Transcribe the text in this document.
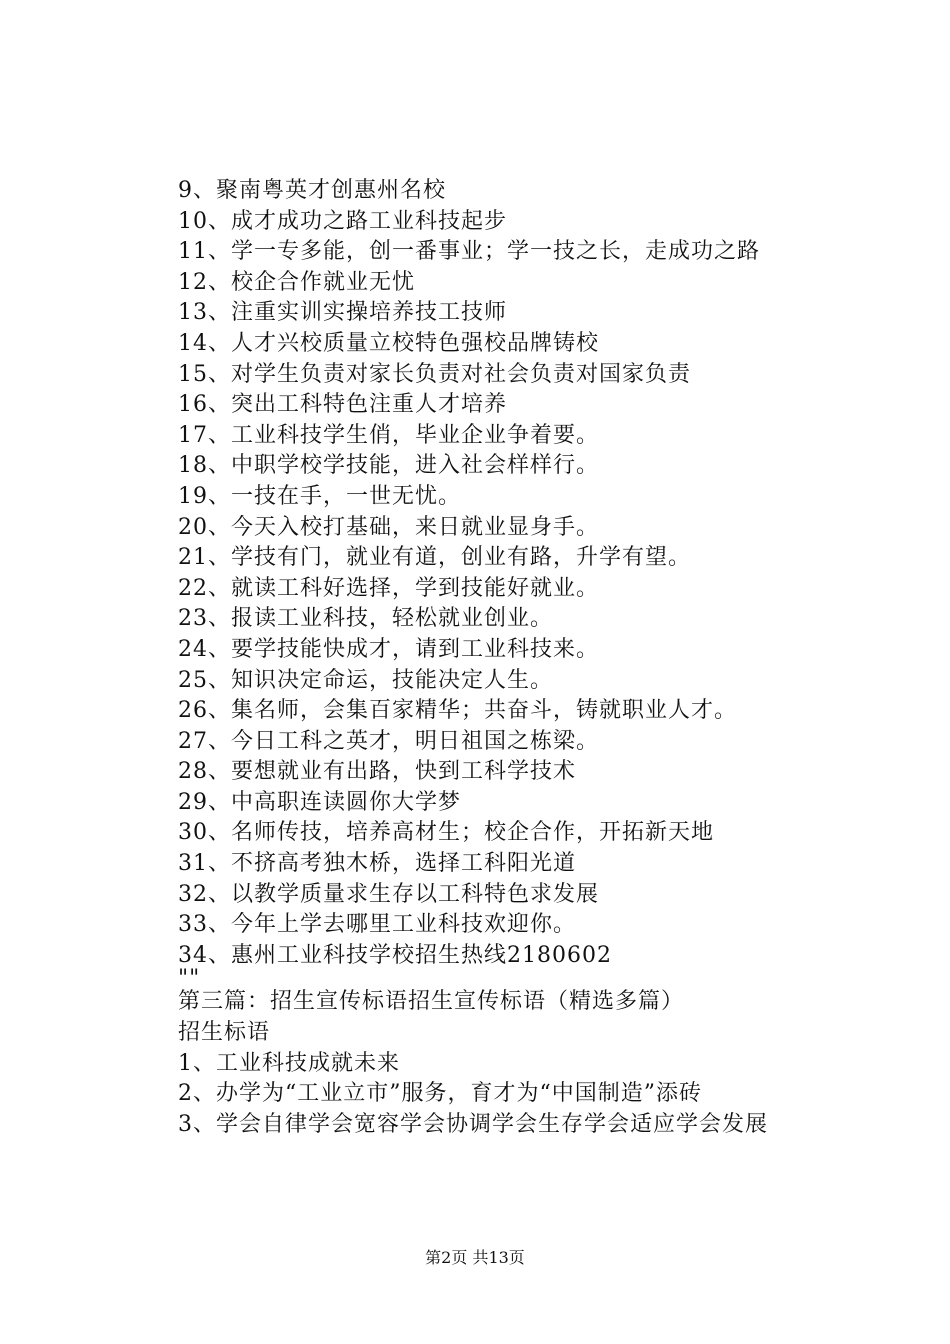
9、聚南粤英才创惠州名校
10、成才成功之路工业科技起步
11、学一专多能，创一番事业；学一技之长，走成功之路
12、校企合作就业无忧
13、注重实训实操培养技工技师
14、人才兴校质量立校特色强校品牌铸校
15、对学生负责对家长负责对社会负责对国家负责
16、突出工科特色注重人才培养
17、工业科技学生俏，毕业企业争着要。
18、中职学校学技能，进入社会样样行。
19、一技在手，一世无忧。
20、今天入校打基础，来日就业显身手。
21、学技有门，就业有道，创业有路，升学有望。
22、就读工科好选择，学到技能好就业。
23、报读工业科技，轻松就业创业。
24、要学技能快成才，请到工业科技来。
25、知识决定命运，技能决定人生。
26、集名师，会集百家精华；共奋斗，铸就职业人才。
27、今日工科之英才，明日祖国之栋梁。
28、要想就业有出路，快到工科学技术
29、中高职连读圆你大学梦
30、名师传技，培养高材生；校企合作，开拓新天地
31、不挤高考独木桥，选择工科阳光道
32、以教学质量求生存以工科特色求发展
33、今年上学去哪里工业科技欢迎你。
34、惠州工业科技学校招生热线2180602
""
第三篇：招生宣传标语招生宣传标语（精选多篇）
招生标语
1、工业科技成就未来
2、办学为“工业立市”服务，育才为“中国制造”添砖
3、学会自律学会宽容学会协调学会生存学会适应学会发展
第2页 共13页
